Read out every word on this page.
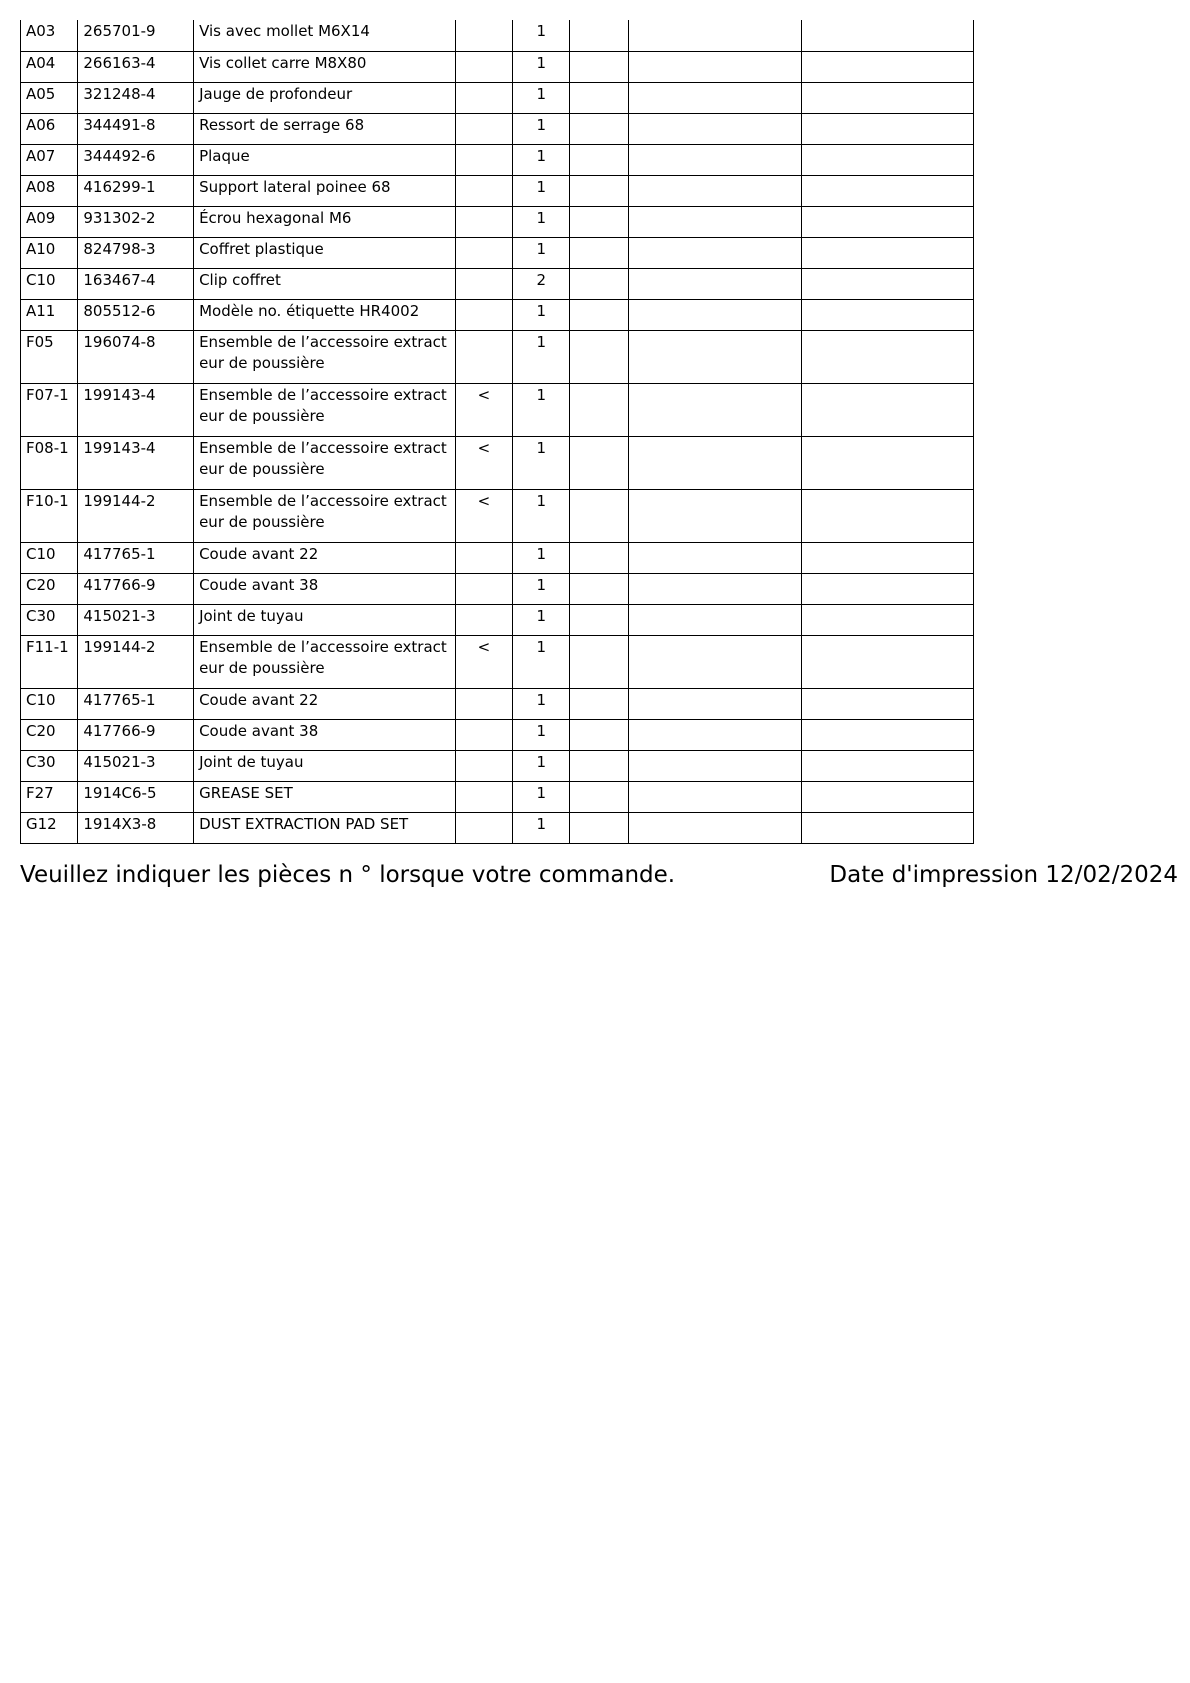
A03	265701-9	Vis avec mollet M6X14		1			
A04	266163-4	Vis collet carre M8X80		1			
A05	321248-4	Jauge de profondeur		1			
A06	344491-8	Ressort de serrage 68		1			
A07	344492-6	Plaque		1			
A08	416299-1	Support lateral poinee 68		1			
A09	931302-2	Écrou hexagonal M6		1			
A10	824798-3	Coffret plastique		1			
C10	163467-4	Clip coffret		2			
A11	805512-6	Modèle no. étiquette HR4002		1			
F05	196074-8	Ensemble de l’accessoire extract eur de poussière		1			
F07-1	199143-4	Ensemble de l’accessoire extract eur de poussière	<	1			
F08-1	199143-4	Ensemble de l’accessoire extract eur de poussière	<	1			
F10-1	199144-2	Ensemble de l’accessoire extract eur de poussière	<	1			
C10	417765-1	Coude avant 22		1			
C20	417766-9	Coude avant 38		1			
C30	415021-3	Joint de tuyau		1			
F11-1	199144-2	Ensemble de l’accessoire extract eur de poussière	<	1			
C10	417765-1	Coude avant 22		1			
C20	417766-9	Coude avant 38		1			
C30	415021-3	Joint de tuyau		1			
F27	1914C6-5	GREASE SET		1			
G12	1914X3-8	DUST EXTRACTION PAD SET		1			
Veuillez indiquer les pièces n ° lorsque votre commande.	Date d'impression 12/02/2024
